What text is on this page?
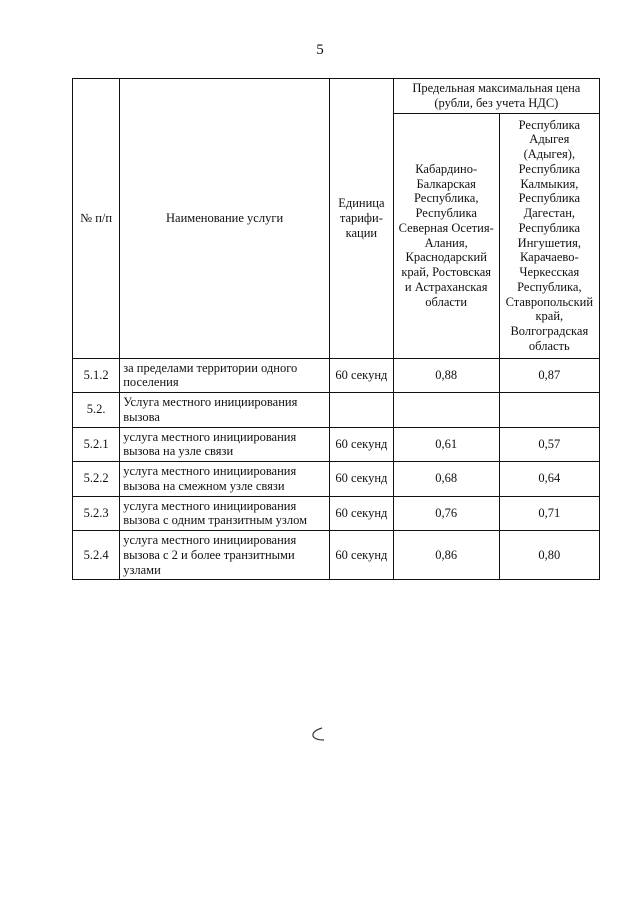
5
№ п/п	Наименование услуги	Единица тарифи-кации	Предельная максимальная цена (рубли, без учета НДС)	
			Кабардино-Балкарская Республика, Республика Северная Осетия-Алания, Краснодарский край, Ростовская и Астраханская области	Республика Адыгея (Адыгея), Республика Калмыкия, Республика Дагестан, Республика Ингушетия, Карачаево-Черкесская Республика, Ставропольский край, Волгоградская область
5.1.2	за пределами территории одного поселения	60 секунд	0,88	0,87
5.2.	Услуга местного инициирования вызова			
5.2.1	услуга местного инициирования вызова на узле связи	60 секунд	0,61	0,57
5.2.2	услуга местного инициирования вызова на смежном узле связи	60 секунд	0,68	0,64
5.2.3	услуга местного инициирования вызова с одним транзитным узлом	60 секунд	0,76	0,71
5.2.4	услуга местного инициирования вызова с 2 и более транзитными узлами	60 секунд	0,86	0,80
